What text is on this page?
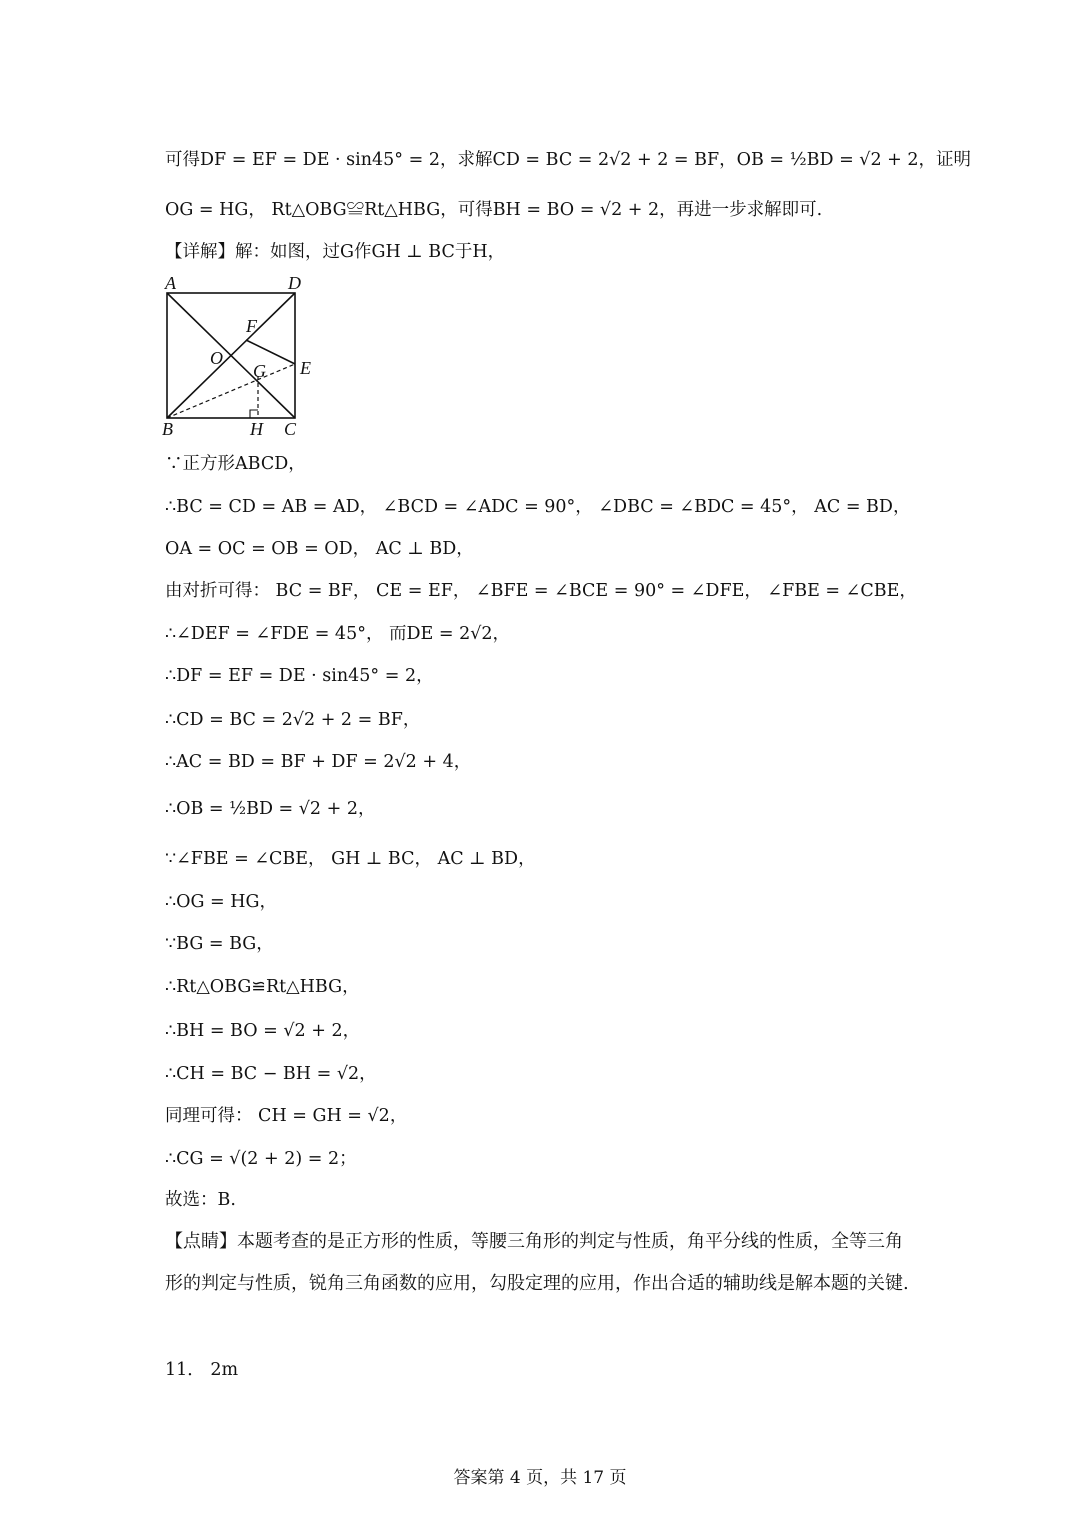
可得DF = EF = DE · sin45° = 2，求解CD = BC = 2√2 + 2 = BF，OB = ½BD = √2 + 2，证明
OG = HG， Rt△OBG≌Rt△HBG，可得BH = BO = √2 + 2，再进一步求解即可.
【详解】解：如图，过G作GH ⊥ BC于H，
A	D
F
O
G E
B	H C
∵正方形ABCD，
∴BC = CD = AB = AD， ∠BCD = ∠ADC = 90°， ∠DBC = ∠BDC = 45°， AC = BD，
OA = OC = OB = OD， AC ⊥ BD，
由对折可得： BC = BF， CE = EF， ∠BFE = ∠BCE = 90° = ∠DFE， ∠FBE = ∠CBE，
∴∠DEF = ∠FDE = 45°， 而DE = 2√2，
∴DF = EF = DE · sin45° = 2，
∴CD = BC = 2√2 + 2 = BF，
∴AC = BD = BF + DF = 2√2 + 4，
∴OB = ½BD = √2 + 2，
∵∠FBE = ∠CBE， GH ⊥ BC， AC ⊥ BD，
∴OG = HG，
∵BG = BG，
∴Rt△OBG≌Rt△HBG，
∴BH = BO = √2 + 2，
∴CH = BC − BH = √2，
同理可得： CH = GH = √2，
∴CG = √(2 + 2) = 2；
故选：B.
【点睛】本题考查的是正方形的性质，等腰三角形的判定与性质，角平分线的性质，全等三角形的判定与性质，锐角三角函数的应用，勾股定理的应用，作出合适的辅助线是解本题的关键.
11． 2m
答案第 4 页，共 17 页
